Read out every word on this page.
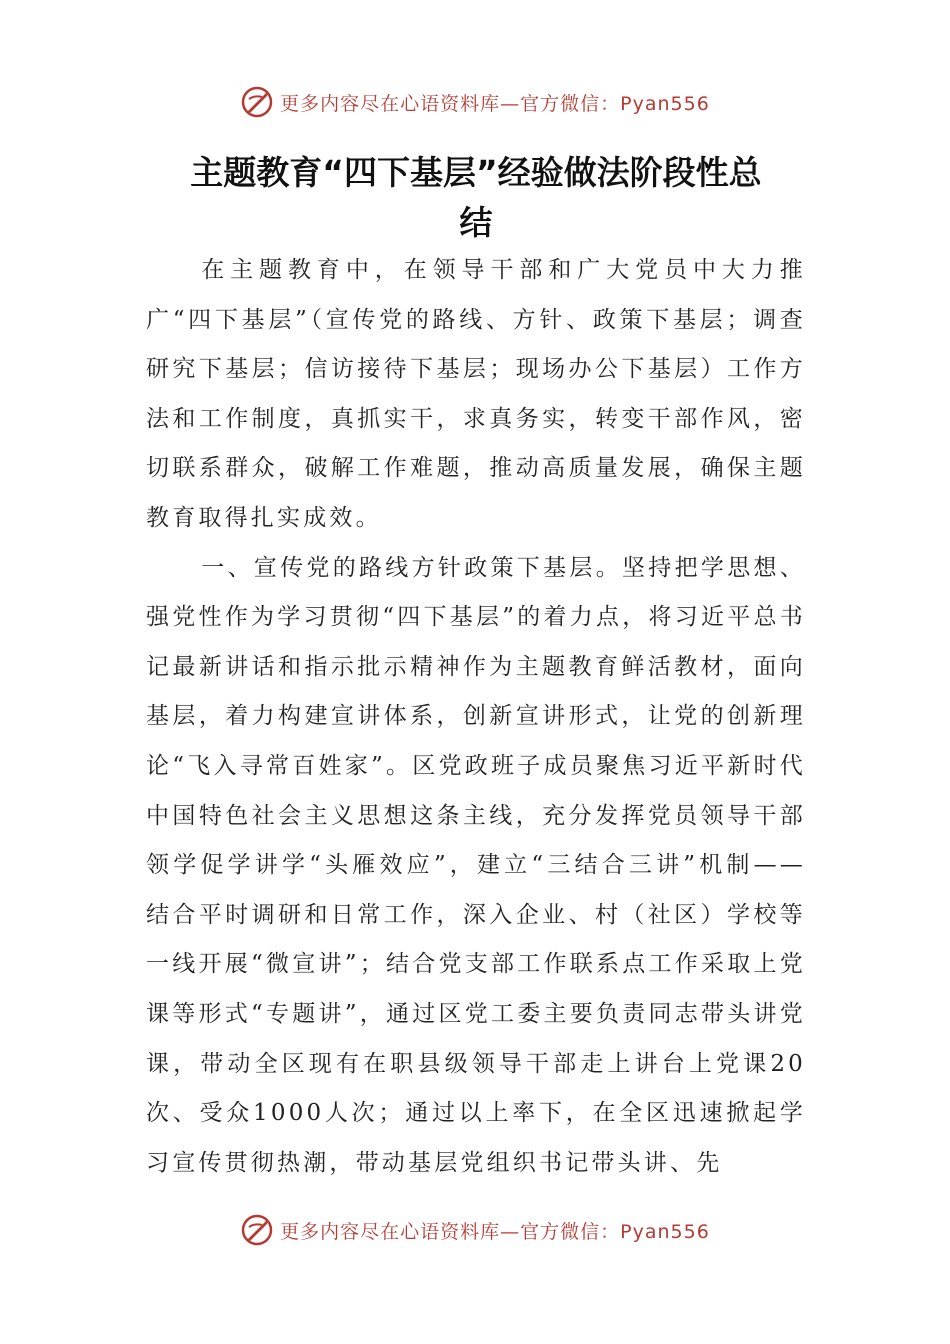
更多内容尽在心语资料库—官方微信：Pyan556
主题教育“四下基层”经验做法阶段性总
结

在主题教育中，在领导干部和广大党员中大力推广“四下基层”（宣传党的路线、方针、政策下基层；调查研究下基层；信访接待下基层；现场办公下基层）工作方法和工作制度，真抓实干，求真务实，转变干部作风，密切联系群众，破解工作难题，推动高质量发展，确保主题教育取得扎实成效。

一、宣传党的路线方针政策下基层。坚持把学思想、强党性作为学习贯彻“四下基层”的着力点，将习近平总书记最新讲话和指示批示精神作为主题教育鲜活教材，面向基层，着力构建宣讲体系，创新宣讲形式，让党的创新理论“飞入寻常百姓家”。区党政班子成员聚焦习近平新时代中国特色社会主义思想这条主线，充分发挥党员领导干部领学促学讲学“头雁效应”，建立“三结合三讲”机制——结合平时调研和日常工作，深入企业、村（社区）学校等一线开展“微宣讲”；结合党支部工作联系点工作采取上党课等形式“专题讲”，通过区党工委主要负责同志带头讲党课，带动全区现有在职县级领导干部走上讲台上党课20次、受众1000人次；通过以上率下，在全区迅速掀起学习宣传贯彻热潮，带动基层党组织书记带头讲、先

更多内容尽在心语资料库—官方微信：Pyan556
